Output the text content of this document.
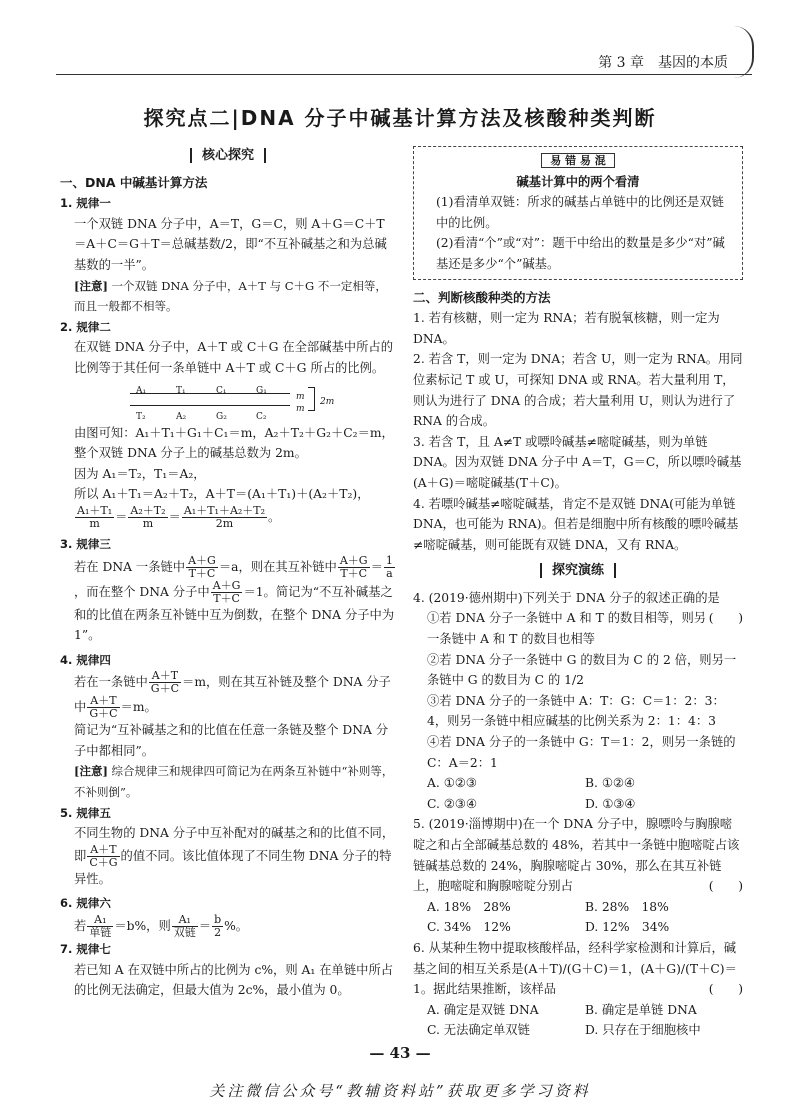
第 3 章　基因的本质
探究点二|DNA 分子中碱基计算方法及核酸种类判断
核心探究
一、DNA 中碱基计算方法
1. 规律一
一个双链 DNA 分子中，A＝T，G＝C，则 A＋G＝C＋T＝A＋C＝G＋T＝总碱基数/2，即“不互补碱基之和为总碱基数的一半”。
[注意] 一个双链 DNA 分子中，A＋T 与 C＋G 不一定相等，而且一般都不相等。
2. 规律二
在双链 DNA 分子中，A＋T 或 C＋G 在全部碱基中所占的比例等于其任何一条单链中 A＋T 或 C＋G 所占的比例。
A₁	T₁	C₁	G₁
T₂	A₂	G₂	C₂
m
m
2m
由图可知：A₁＋T₁＋G₁＋C₁＝m，A₂＋T₂＋G₂＋C₂＝m，整个双链 DNA 分子上的碱基总数为 2m。
因为 A₁＝T₂，T₁＝A₂，
所以 A₁＋T₁＝A₂＋T₂，A＋T＝(A₁＋T₁)＋(A₂＋T₂)，
$\frac{\text{A₁＋T₁}}{m} = \frac{\text{A₂＋T₂}}{m} = \frac{\text{A₁＋T₁＋A₂＋T₂}}{2m}$ 。
3. 规律三
若在 DNA 一条链中 $\frac{A+G}{T+C} =a$，则在其互补链中 $\frac{A+G}{T+C} = \frac{1}{a}$
，而在整个 DNA 分子中 $\frac{A+G}{T+C} =1$。简记为“不互补碱基之和的比值在两条互补链中互为倒数，在整个 DNA 分子中为 1”。
4. 规律四
若在一条链中 $\frac{A+T}{G+C} =m$，则在其互补链及整个 DNA 分子中 $\frac{A+T}{G+C} =m$。
简记为“互补碱基之和的比值在任意一条链及整个 DNA 分子中都相同”。
[注意] 综合规律三和规律四可简记为在两条互补链中“补则等，不补则倒”。
5. 规律五
不同生物的 DNA 分子中互补配对的碱基之和的比值不同，即 $\frac{A+T}{C+G}$ 的值不同。该比值体现了不同生物 DNA 分子的特异性。
6. 规律六
若 $\frac{\text{A₁}}{\text{单链}} =b\%$，则 $\frac{\text{A₁}}{\text{双链}} = \frac{b}{2}$ %。
7. 规律七
若已知 A 在双链中所占的比例为 c%，则 A₁ 在单链中所占的比例无法确定，但最大值为 2c%，最小值为 0。
易 错 易 混
碱基计算中的两个看清
(1)看清单双链：所求的碱基占单链中的比例还是双链中的比例。
(2)看清“个”或“对”：题干中给出的数量是多少“对”碱基还是多少“个”碱基。
二、判断核酸种类的方法
1. 若有核糖，则一定为 RNA；若有脱氧核糖，则一定为 DNA。
2. 若含 T，则一定为 DNA；若含 U，则一定为 RNA。用同位素标记 T 或 U，可探知 DNA 或 RNA。若大量利用 T，则认为进行了 DNA 的合成；若大量利用 U，则认为进行了 RNA 的合成。
3. 若含 T，且 A≠T 或嘌呤碱基≠嘧啶碱基，则为单链 DNA。因为双链 DNA 分子中 A＝T，G＝C，所以嘌呤碱基(A＋G)＝嘧啶碱基(T＋C)。
4. 若嘌呤碱基≠嘧啶碱基，肯定不是双链 DNA(可能为单链 DNA，也可能为 RNA)。但若是细胞中所有核酸的嘌呤碱基≠嘧啶碱基，则可能既有双链 DNA，又有 RNA。
探究演练
4. (2019·德州期中)下列关于 DNA 分子的叙述正确的是
(　　)
①若 DNA 分子一条链中 A 和 T 的数目相等，则另一条链中 A 和 T 的数目也相等
②若 DNA 分子一条链中 G 的数目为 C 的 2 倍，则另一条链中 G 的数目为 C 的 1/2
③若 DNA 分子的一条链中 A：T：G：C＝1：2：3：4，则另一条链中相应碱基的比例关系为 2：1：4：3
④若 DNA 分子的一条链中 G：T＝1：2，则另一条链的 C：A＝2：1
A. ①②③	B. ①②④
C. ②③④	D. ①③④
5. (2019·淄博期中)在一个 DNA 分子中，腺嘌呤与胸腺嘧啶之和占全部碱基总数的 48%，若其中一条链中胞嘧啶占该链碱基总数的 24%，胸腺嘧啶占 30%，那么在其互补链上，胞嘧啶和胸腺嘧啶分别占	(　　)
A. 18%　28%	B. 28%　18%
C. 34%　12%	D. 12%　34%
6. 从某种生物中提取核酸样品，经科学家检测和计算后，碱基之间的相互关系是(A＋T)/(G＋C)＝1，(A＋G)/(T＋C)＝1。据此结果推断，该样品	(　　)
A. 确定是双链 DNA	B. 确定是单链 DNA
C. 无法确定单双链	D. 只存在于细胞核中
— 43 —
关注微信公众号“教辅资料站”获取更多学习资料
